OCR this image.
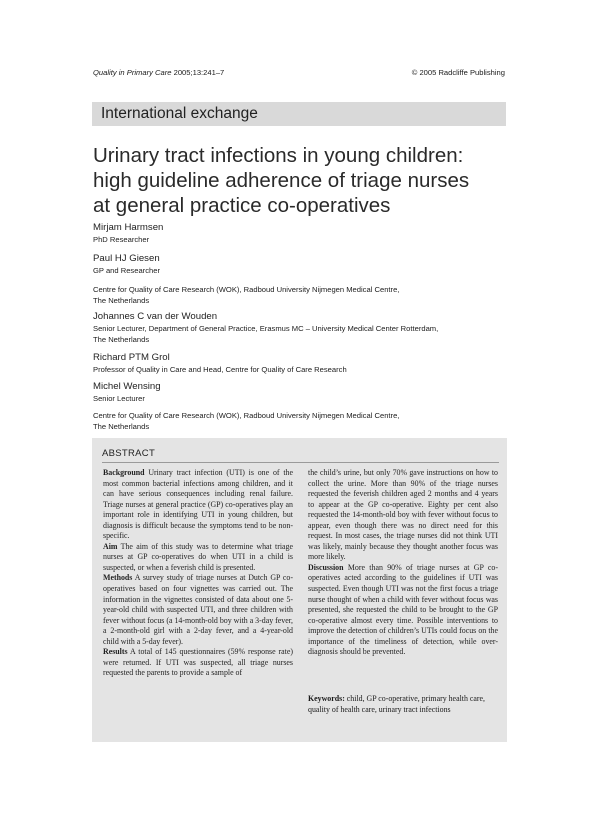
Quality in Primary Care 2005;13:241–7	© 2005 Radcliffe Publishing
International exchange
Urinary tract infections in young children:
high guideline adherence of triage nurses
at general practice co-operatives
Mirjam Harmsen
PhD Researcher
Paul HJ Giesen
GP and Researcher
Centre for Quality of Care Research (WOK), Radboud University Nijmegen Medical Centre,
The Netherlands
Johannes C van der Wouden
Senior Lecturer, Department of General Practice, Erasmus MC – University Medical Center Rotterdam,
The Netherlands
Richard PTM Grol
Professor of Quality in Care and Head, Centre for Quality of Care Research
Michel Wensing
Senior Lecturer
Centre for Quality of Care Research (WOK), Radboud University Nijmegen Medical Centre,
The Netherlands
ABSTRACT

Background Urinary tract infection (UTI) is one of the most common bacterial infections among children, and it can have serious consequences including renal failure. Triage nurses at general practice (GP) co-operatives play an important role in identifying UTI in young children, but diagnosis is difficult because the symptoms tend to be non-specific.

Aim The aim of this study was to determine what triage nurses at GP co-operatives do when UTI in a child is suspected, or when a feverish child is presented.

Methods A survey study of triage nurses at Dutch GP co-operatives based on four vignettes was carried out. The information in the vignettes consisted of data about one 5-year-old child with suspected UTI, and three children with fever without focus (a 14-month-old boy with a 3-day fever, a 2-month-old girl with a 2-day fever, and a 4-year-old child with a 5-day fever).

Results A total of 145 questionnaires (59% response rate) were returned. If UTI was suspected, all triage nurses requested the parents to provide a sample of

the child’s urine, but only 70% gave instructions on how to collect the urine. More than 90% of the triage nurses requested the feverish children aged 2 months and 4 years to appear at the GP co-operative. Eighty per cent also requested the 14-month-old boy with fever without focus to appear, even though there was no direct need for this request. In most cases, the triage nurses did not think UTI was likely, mainly because they thought another focus was more likely.

Discussion More than 90% of triage nurses at GP co-operatives acted according to the guidelines if UTI was suspected. Even though UTI was not the first focus a triage nurse thought of when a child with fever without focus was presented, she requested the child to be brought to the GP co-operative almost every time. Possible interventions to improve the detection of children’s UTIs could focus on the importance of the timeliness of detection, while over-diagnosis should be prevented.

Keywords: child, GP co-operative, primary health care, quality of health care, urinary tract infections
